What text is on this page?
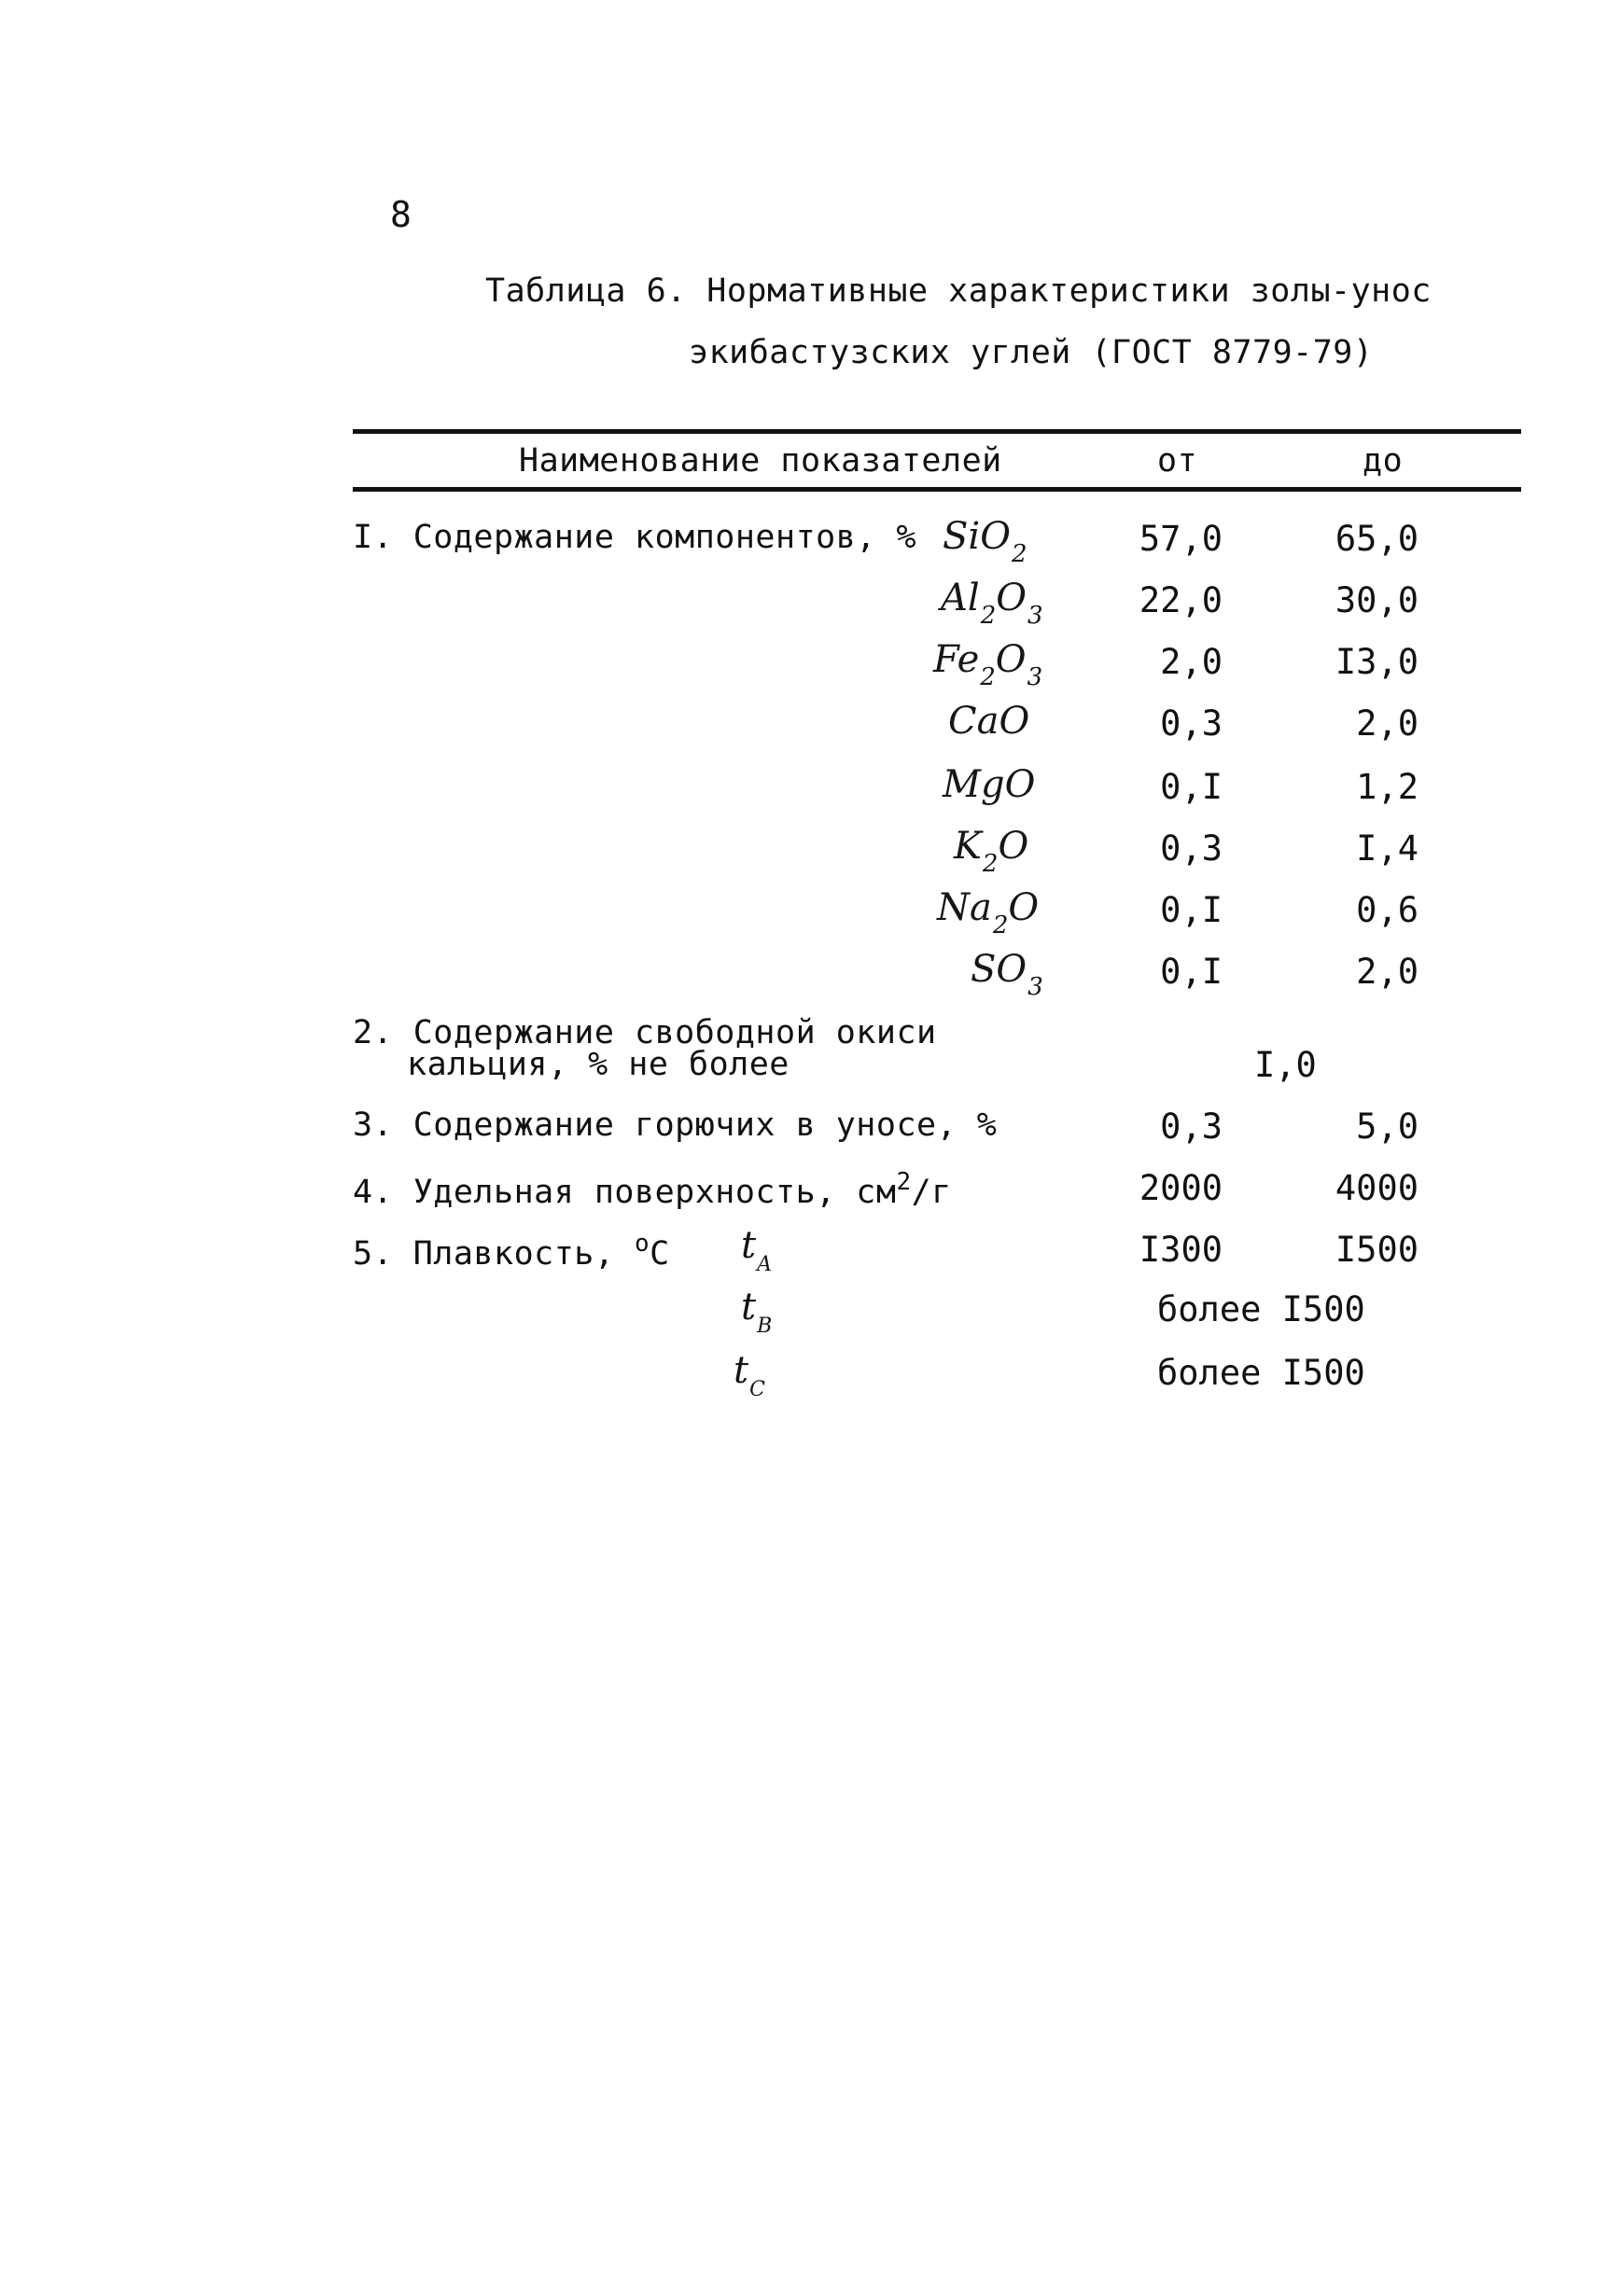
8
Таблица 6. Нормативные характеристики золы-унос
экибастузских углей (ГОСТ 8779-79)
Наименование показателей	от	до
I. Содержание компонентов, % SiO$_2$	57,0	65,0
$Al_2O_3$	22,0	30,0
$Fe_2O_3$	2,0	I3,0
CaO	0,3	2,0
MgO	0,I	1,2
$K_2O$	0,3	I,4
$Na_2O$	0,I	0,6
$SO_3$	0,I	2,0
2. Содержание свободной окиси
кальция, % не более	I,0
3. Содержание горючих в уносе, %	0,3	5,0
4. Удельная поверхность, $см^2/г$	2000	4000
5. Плавкость, $^o$C $t_A$	I300	I500
$t_B$	более I500
$t_C$	более I500
